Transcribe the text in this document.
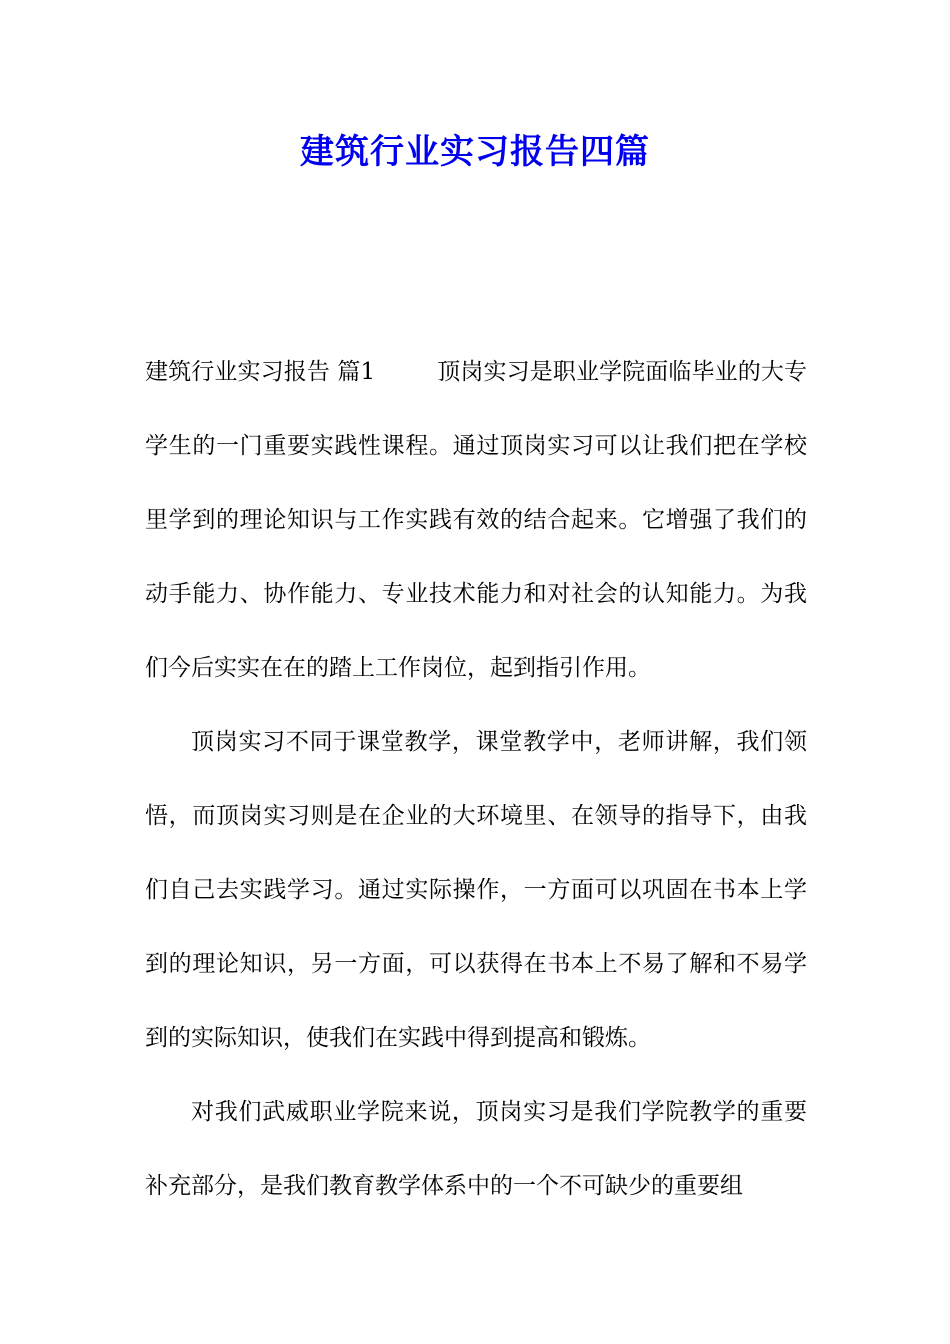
建筑行业实习报告四篇

建筑行业实习报告 篇1	顶岗实习是职业学院面临毕业的大专学生的一门重要实践性课程。通过顶岗实习可以让我们把在学校里学到的理论知识与工作实践有效的结合起来。它增强了我们的动手能力、协作能力、专业技术能力和对社会的认知能力。为我们今后实实在在的踏上工作岗位，起到指引作用。

顶岗实习不同于课堂教学，课堂教学中，老师讲解，我们领悟，而顶岗实习则是在企业的大环境里、在领导的指导下，由我们自己去实践学习。通过实际操作，一方面可以巩固在书本上学到的理论知识，另一方面，可以获得在书本上不易了解和不易学到的实际知识，使我们在实践中得到提高和锻炼。

对我们武威职业学院来说，顶岗实习是我们学院教学的重要补充部分，是我们教育教学体系中的一个不可缺少的重要组
